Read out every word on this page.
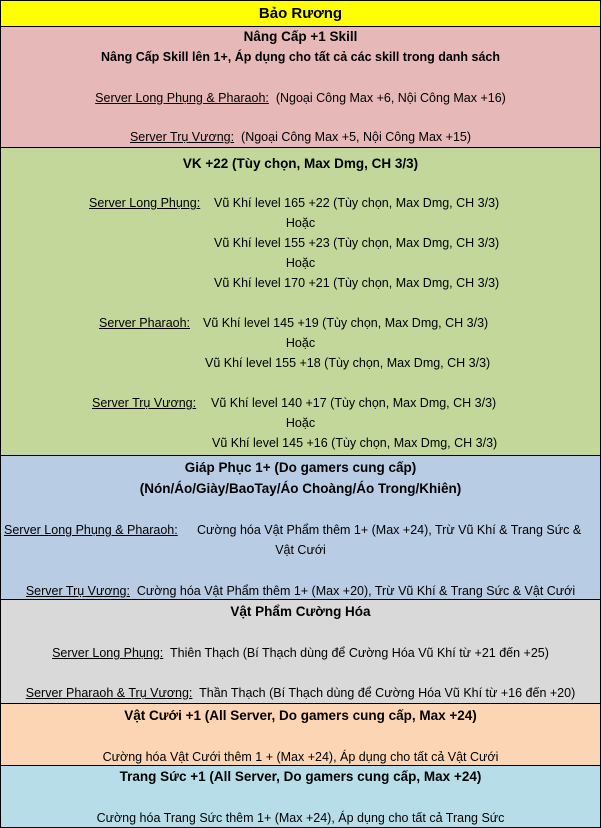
Bảo Rương
Nâng Cấp +1 Skill
Nâng Cấp Skill lên 1+, Áp dụng cho tất cả các skill trong danh sách
Server Long Phụng & Pharaoh: (Ngoại Công Max +6, Nội Công Max +16)
Server Trụ Vương: (Ngoại Công Max +5, Nội Công Max +15)
VK +22 (Tùy chọn, Max Dmg, CH 3/3)
Server Long Phụng: Vũ Khí level 165 +22 (Tùy chọn, Max Dmg, CH 3/3)
Hoặc
Vũ Khí level 155 +23 (Tùy chọn, Max Dmg, CH 3/3)
Hoặc
Vũ Khí level 170 +21 (Tùy chọn, Max Dmg, CH 3/3)
Server Pharaoh: Vũ Khí level 145 +19 (Tùy chọn, Max Dmg, CH 3/3)
Hoặc
Vũ Khí level 155 +18 (Tùy chọn, Max Dmg, CH 3/3)
Server Trụ Vương: Vũ Khí level 140 +17 (Tùy chọn, Max Dmg, CH 3/3)
Hoặc
Vũ Khí level 145 +16 (Tùy chọn, Max Dmg, CH 3/3)
Giáp Phục 1+ (Do gamers cung cấp)
(Nón/Áo/Giày/BaoTay/Áo Choàng/Áo Trong/Khiên)
Server Long Phụng & Pharaoh: Cường hóa Vật Phẩm thêm 1+ (Max +24), Trừ Vũ Khí & Trang Sức &
Vật Cưới
Server Trụ Vương: Cường hóa Vật Phẩm thêm 1+ (Max +20), Trừ Vũ Khí & Trang Sức & Vật Cưới
Vật Phẩm Cường Hóa
Server Long Phụng: Thiên Thạch (Bí Thạch dùng để Cường Hóa Vũ Khí từ +21 đến +25)
Server Pharaoh & Trụ Vương: Thần Thạch (Bí Thạch dùng để Cường Hóa Vũ Khí từ +16 đến +20)
Vật Cưới +1 (All Server, Do gamers cung cấp, Max +24)
Cường hóa Vật Cưới thêm 1 + (Max +24), Áp dụng cho tất cả Vật Cưới
Trang Sức +1 (All Server, Do gamers cung cấp, Max +24)
Cường hóa Trang Sức thêm 1+ (Max +24), Áp dụng cho tất cả Trang Sức
